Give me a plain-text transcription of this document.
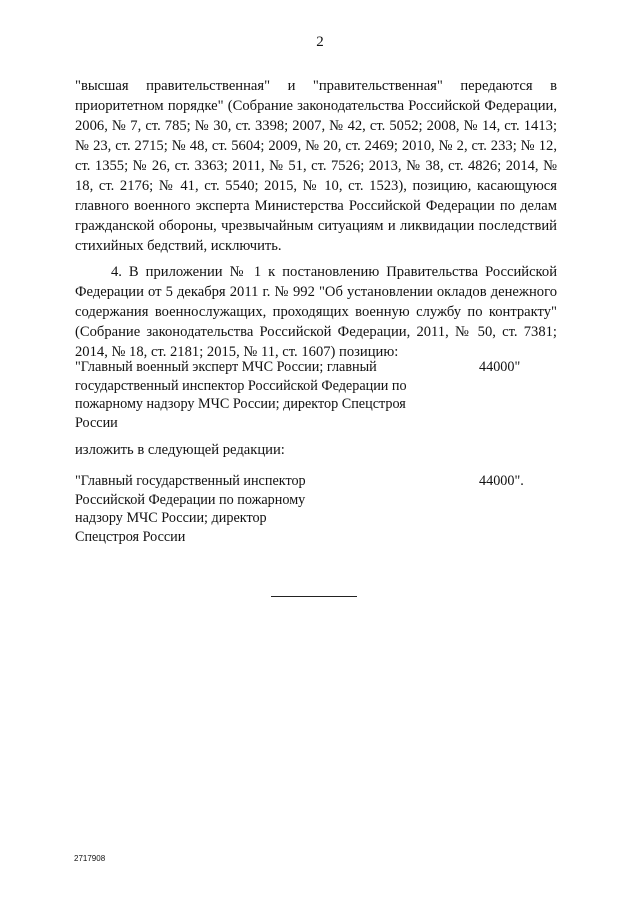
2

"высшая правительственная" и "правительственная" передаются в приоритетном порядке" (Собрание законодательства Российской Федерации, 2006, № 7, ст. 785; № 30, ст. 3398; 2007, № 42, ст. 5052; 2008, № 14, ст. 1413; № 23, ст. 2715; № 48, ст. 5604; 2009, № 20, ст. 2469; 2010, № 2, ст. 233; № 12, ст. 1355; № 26, ст. 3363; 2011, № 51, ст. 7526; 2013, № 38, ст. 4826; 2014, № 18, ст. 2176; № 41, ст. 5540; 2015, № 10, ст. 1523), позицию, касающуюся главного военного эксперта Министерства Российской Федерации по делам гражданской обороны, чрезвычайным ситуациям и ликвидации последствий стихийных бедствий, исключить.

4. В приложении № 1 к постановлению Правительства Российской Федерации от 5 декабря 2011 г. № 992 "Об установлении окладов денежного содержания военнослужащих, проходящих военную службу по контракту" (Собрание законодательства Российской Федерации, 2011, № 50, ст. 7381; 2014, № 18, ст. 2181; 2015, № 11, ст. 1607) позицию:

"Главный военный эксперт МЧС России; главный государственный инспектор Российской Федерации по пожарному надзору МЧС России; директор Спецстроя России

44000"

изложить в следующей редакции:

"Главный государственный инспектор Российской Федерации по пожарному надзору МЧС России; директор Спецстроя России

44000".

2717908
